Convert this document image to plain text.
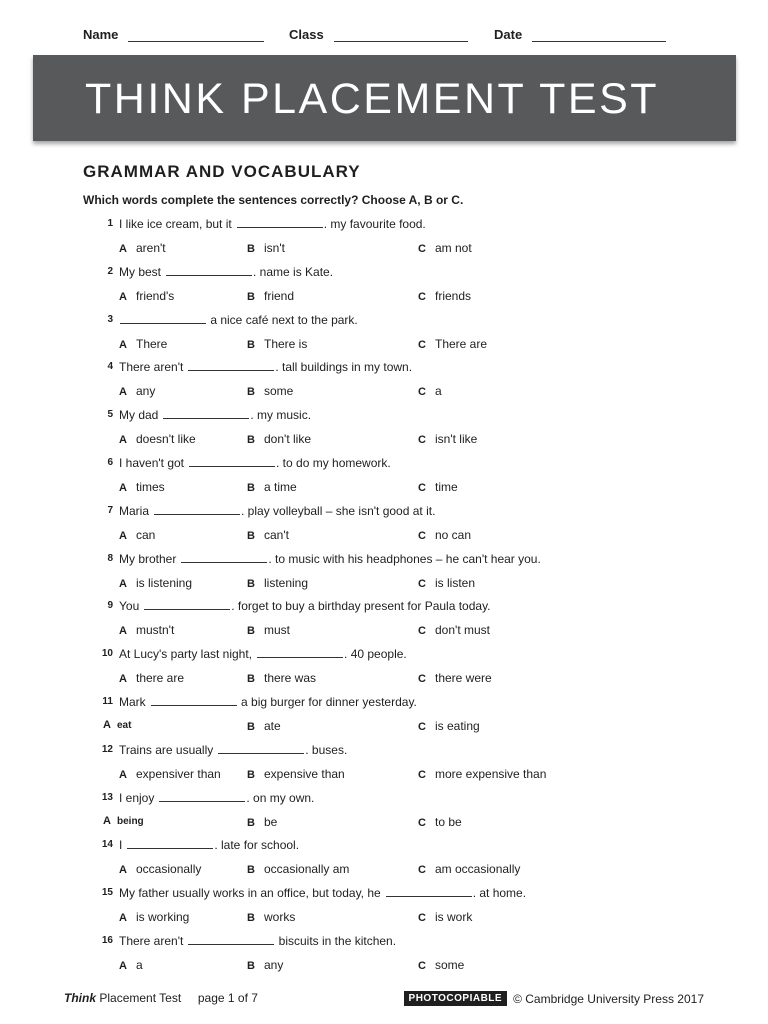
Name	Class	Date
THINK PLACEMENT TEST
GRAMMAR AND VOCABULARY
Which words complete the sentences correctly? Choose A, B or C.
1 I like ice cream, but it	. my favourite food.
A aren't	B isn't	C am not
2 My best	. name is Kate.
A friend's	B friend	C friends
3	a nice café next to the park.
A There	B There is	C There are
4 There aren't	. tall buildings in my town.
A any	B some	C a
5 My dad	. my music.
A doesn't like	B don't like	C isn't like
6 I haven't got	. to do my homework.
A times	B a time	C time
7 Maria	. play volleyball – she isn't good at it.
A can	B can't	C no can
8 My brother	. to music with his headphones – he can't hear you.
A is listening	B listening	C is listen
9 You	. forget to buy a birthday present for Paula today.
A mustn't	B must	C don't must
10 At Lucy's party last night,	. 40 people.
A there are	B there was	C there were
11 Mark	a big burger for dinner yesterday.
A eat	B ate	C is eating
12 Trains are usually	. buses.
A expensiver than B expensive than	C more expensive than
13 I enjoy	. on my own.
A being	B be	C to be
14 I	. late for school.
A occasionally	B occasionally am	C am occasionally
15 My father usually works in an office, but today, he	. at home.
A is working	B works	C is work
16 There aren't	biscuits in the kitchen.
A a	B any	C some
Think Placement Test page 1 of 7	PHOTOCOPIABLE © Cambridge University Press 2017
